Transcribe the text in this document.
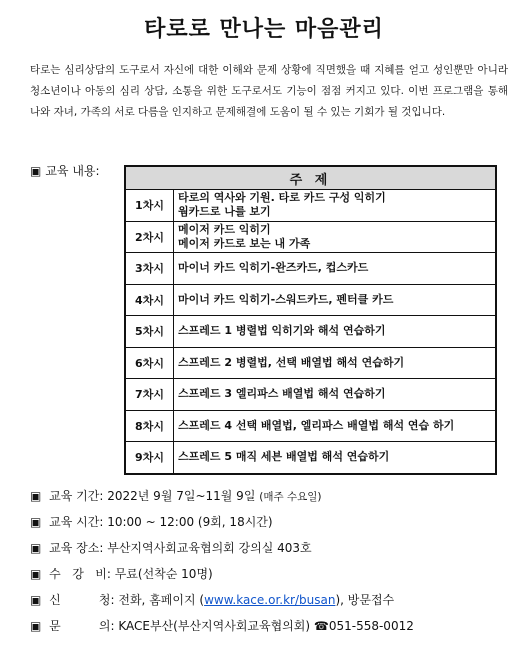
타로로 만나는 마음관리
타로는 심리상담의 도구로서 자신에 대한 이해와 문제 상황에 직면했을 때 지혜를 얻고 성인뿐만 아니라 청소년이나 아동의 심리 상담, 소통을 위한 도구로서도 기능이 점점 커지고 있다. 이번 프로그램을 통해 나와 자녀, 가족의 서로 다름을 인지하고 문제해결에 도움이 될 수 있는 기회가 될 것입니다.
▣ 교육 내용:
주 제	
1차시	타로의 역사와 기원. 타로 카드 구성 익히기
웜카드로 나를 보기

2차시	메이저 카드 익히기
메이저 카드로 보는 내 가족

3차시	마이너 카드 익히기-완즈카드, 컵스카드

4차시	마이너 카드 익히기-스워드카드, 펜터클 카드

5차시	스프레드 1 병렬법 익히기와 해석 연습하기

6차시	스프레드 2 병렬법, 선택 배열법 해석 연습하기

7차시	스프레드 3 엘리파스 배열법 해석 연습하기

8차시	스프레드 4 선택 배열법, 엘리파스 배열법 해석 연습 하기

9차시	스프레드 5 매직 세븐 배열법 해석 연습하기
▣ 교육 기간: 2022년 9월 7일~11월 9일 (매주 수요일)
▣ 교육 시간: 10:00 ~ 12:00 (9회, 18시간)
▣ 교육 장소: 부산지역사회교육협의회 강의실 403호
▣ 수   강   비: 무료(선착순 10명)
▣ 신          청: 전화, 홈페이지 (www.kace.or.kr/busan), 방문접수
▣ 문          의: KACE부산(부산지역사회교육협의회) ☎051-558-0012
